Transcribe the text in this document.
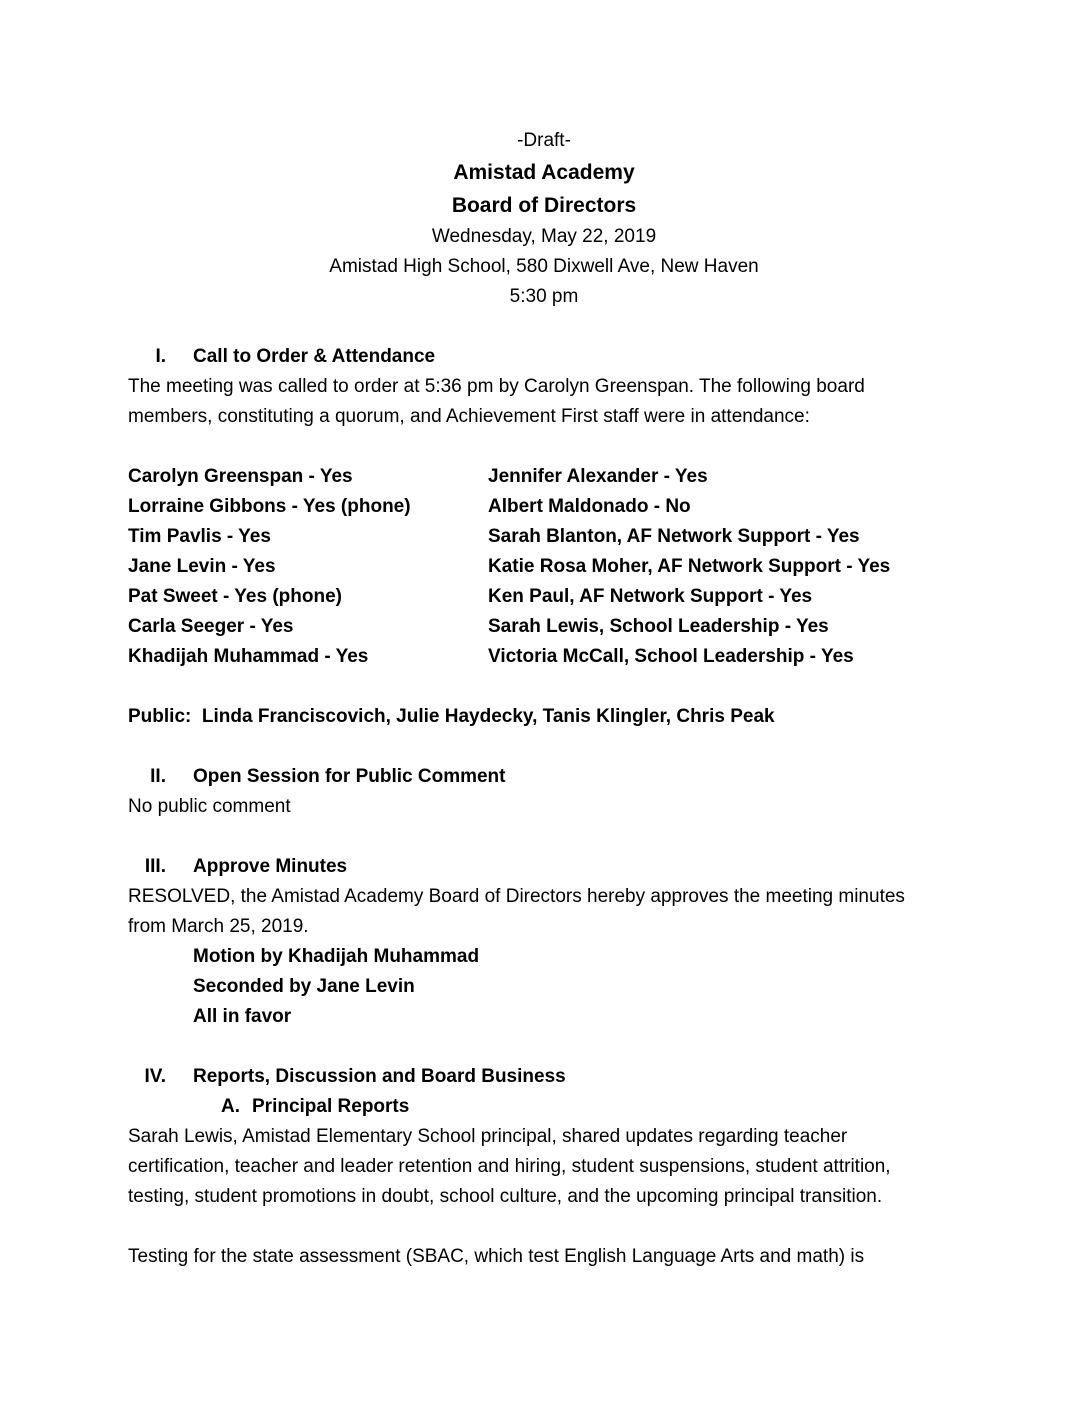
-Draft-
Amistad Academy
Board of Directors
Wednesday, May 22, 2019
Amistad High School, 580 Dixwell Ave, New Haven
5:30 pm
I. Call to Order & Attendance
The meeting was called to order at 5:36 pm by Carolyn Greenspan. The following board
members, constituting a quorum, and Achievement First staff were in attendance:
Carolyn Greenspan - Yes	Jennifer Alexander - Yes
Lorraine Gibbons - Yes (phone)	Albert Maldonado - No
Tim Pavlis - Yes	Sarah Blanton, AF Network Support - Yes
Jane Levin - Yes	Katie Rosa Moher, AF Network Support - Yes
Pat Sweet - Yes (phone)	Ken Paul, AF Network Support - Yes
Carla Seeger - Yes	Sarah Lewis, School Leadership - Yes
Khadijah Muhammad - Yes	Victoria McCall, School Leadership - Yes
Public:  Linda Franciscovich, Julie Haydecky, Tanis Klingler, Chris Peak
II. Open Session for Public Comment
No public comment
III. Approve Minutes
RESOLVED, the Amistad Academy Board of Directors hereby approves the meeting minutes
from March 25, 2019.
Motion by Khadijah Muhammad
Seconded by Jane Levin
All in favor
IV. Reports, Discussion and Board Business
A. Principal Reports
Sarah Lewis, Amistad Elementary School principal, shared updates regarding teacher
certification, teacher and leader retention and hiring, student suspensions, student attrition,
testing, student promotions in doubt, school culture, and the upcoming principal transition.
Testing for the state assessment (SBAC, which test English Language Arts and math) is
